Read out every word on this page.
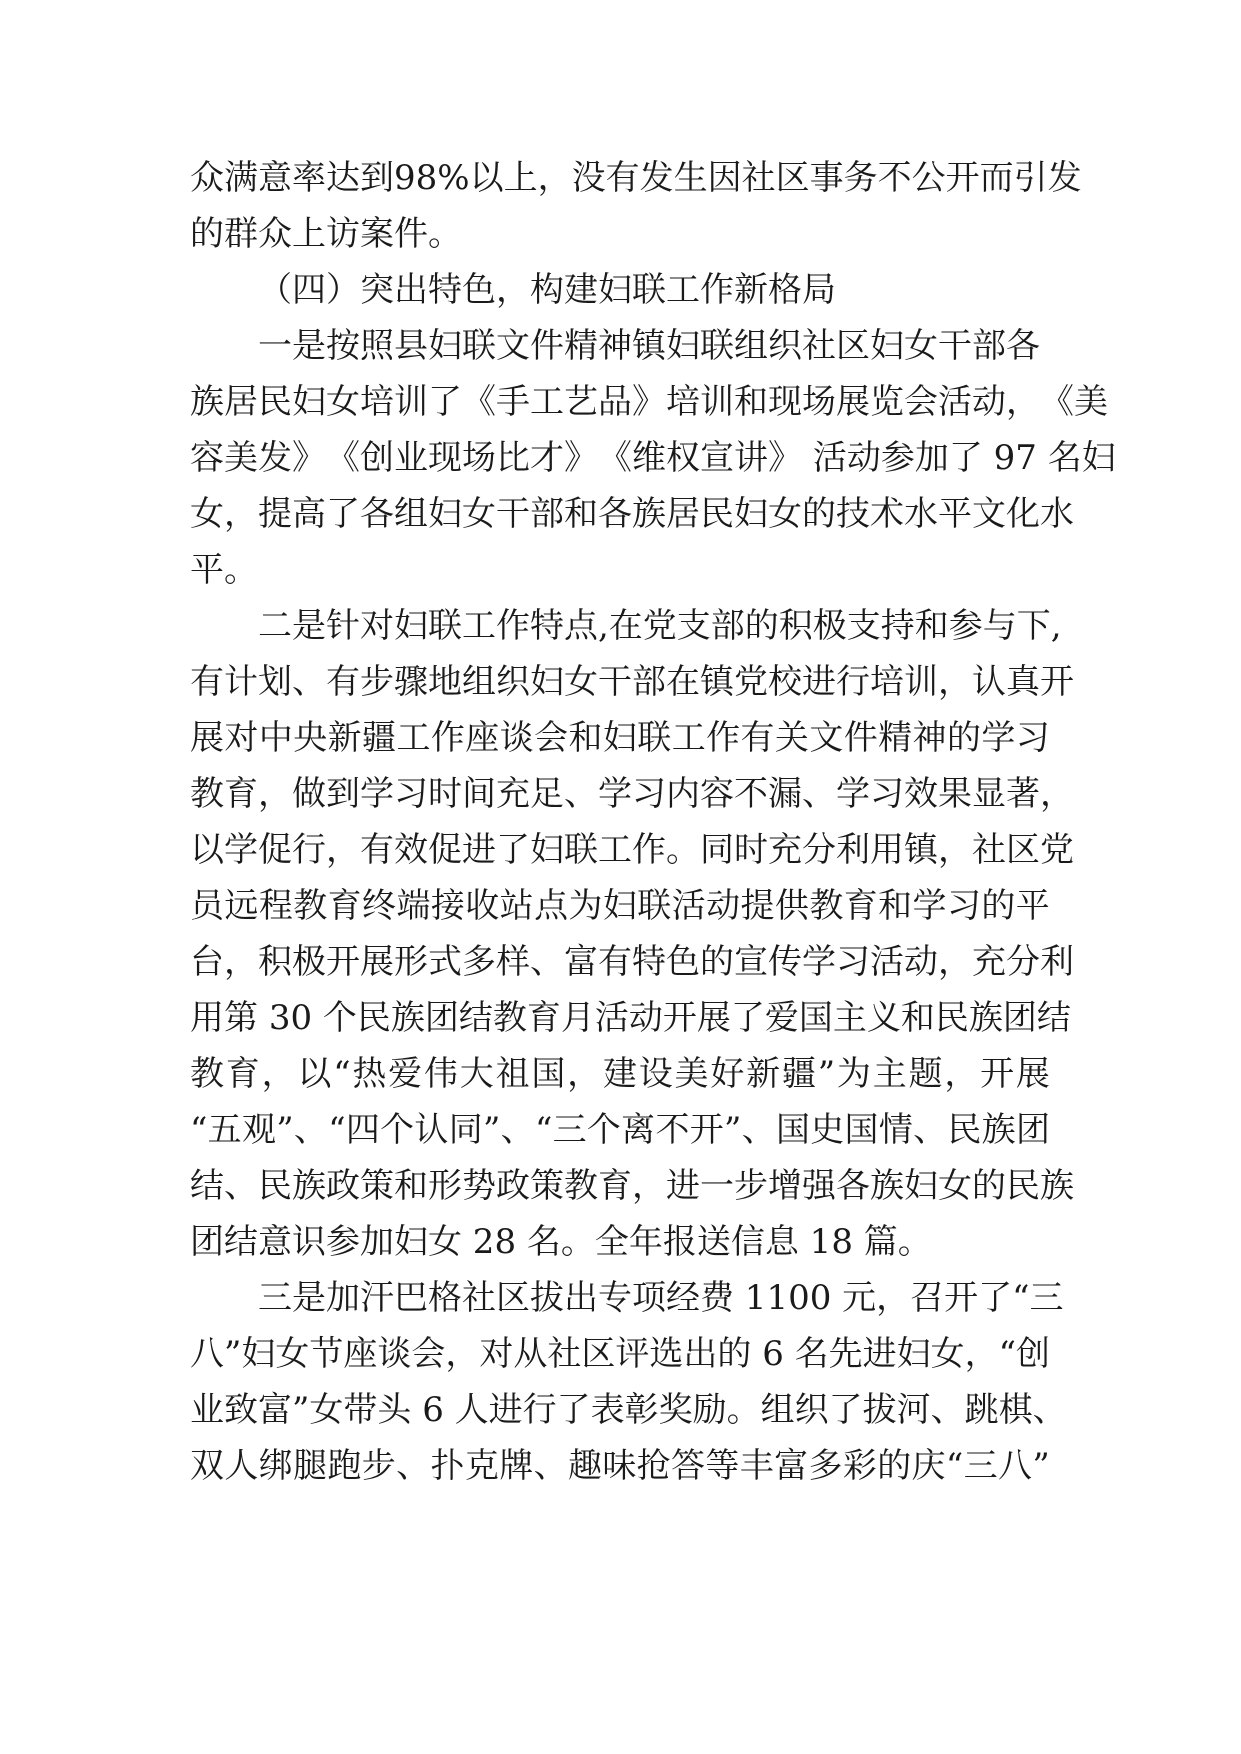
众 满 意 率 达 到 9 8 % 以 上 ， 没 有 发 生 因 社 区 事 务 不 公 开 而 引 发
的群众上访案件。
（四）突出特色，构建妇联工作新格局
一是按照县妇联文件精神镇妇联组织社区妇女干部各
族 居 民 妇 女 培 训 了 《 手 工 艺 品 》 培 训 和 现 场 展 览 会 活 动 ， 《 美
容 美 发 》 《 创 业 现 场 比 才 》 《 维 权 宣 讲 》
活 动 参 加 了
9 7
名 妇
女 ， 提 高 了 各 组 妇 女 干 部 和 各 族 居 民 妇 女 的 技 术 水 平 文 化 水
平。
二是针对妇联工作特点,在党支部的积极支持和参与下,
有 计 划 、 有 步 骤 地 组 织 妇 女 干 部 在 镇 党 校 进 行 培 训 ， 认 真 开
展 对 中 央 新 疆 工 作 座 谈 会 和 妇 联 工 作 有 关 文 件 精 神 的 学 习
教 育 ， 做 到 学 习 时 间 充 足 、 学 习 内 容 不 漏 、 学 习 效 果 显 著 ，
以 学 促 行 ， 有 效 促 进 了 妇 联 工 作 。 同 时 充 分 利 用 镇 ， 社 区 党
员 远 程 教 育 终 端 接 收 站 点 为 妇 联 活 动 提 供 教 育 和 学 习 的 平
台 ， 积 极 开 展 形 式 多 样 、 富 有 特 色 的 宣 传 学 习 活 动 ， 充 分 利
用 第
3 0
个 民 族 团 结 教 育 月 活 动 开 展 了 爱 国 主 义 和 民 族 团 结
教 育 ， 以 “ 热 爱 伟 大 祖 国 ， 建 设 美 好 新 疆 ” 为 主 题 ， 开 展
“ 五 观 ” 、 “ 四 个 认 同 ” 、 “ 三 个 离 不 开 ” 、 国 史 国 情 、 民 族 团
结 、 民 族 政 策 和 形 势 政 策 教 育 ， 进 一 步 增 强 各 族 妇 女 的 民 族
团结意识参加妇女 28 名。全年报送信息 18 篇。
三是加汗巴格社区拔出专项经费 1100 元，召开了“三
八 ” 妇 女 节 座 谈 会 ， 对 从 社 区 评 选 出 的
6
名 先 进 妇 女 ， “ 创
业 致 富 ” 女 带 头
6
人 进 行 了 表 彰 奖 励 。 组 织 了 拔 河 、 跳 棋 、
双 人 绑 腿 跑 步 、 扑 克 牌 、 趣 味 抢 答 等 丰 富 多 彩 的 庆 “ 三 八 ”
